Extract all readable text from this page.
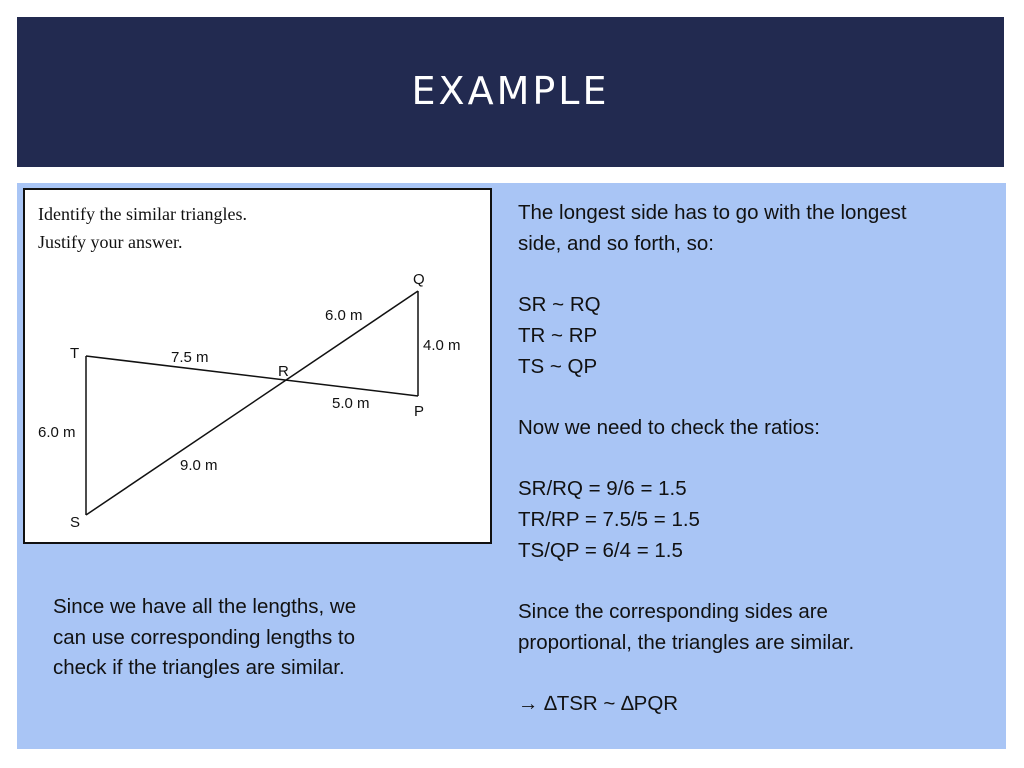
EXAMPLE
Identify the similar triangles.
Justify your answer.
T
S
R
Q
P
7.5 m
6.0 m
9.0 m
6.0 m
4.0 m
5.0 m

Since we have all the lengths, we

can use corresponding lengths to

check if the triangles are similar.

The longest side has to go with the longest

side, and so forth, so:

SR ~ RQ

TR ~ RP

TS ~ QP

Now we need to check the ratios:

SR/RQ = 9/6 = 1.5

TR/RP = 7.5/5 = 1.5

TS/QP = 6/4 = 1.5

Since the corresponding sides are

proportional, the triangles are similar.

→ ∆TSR ~ ∆PQR
